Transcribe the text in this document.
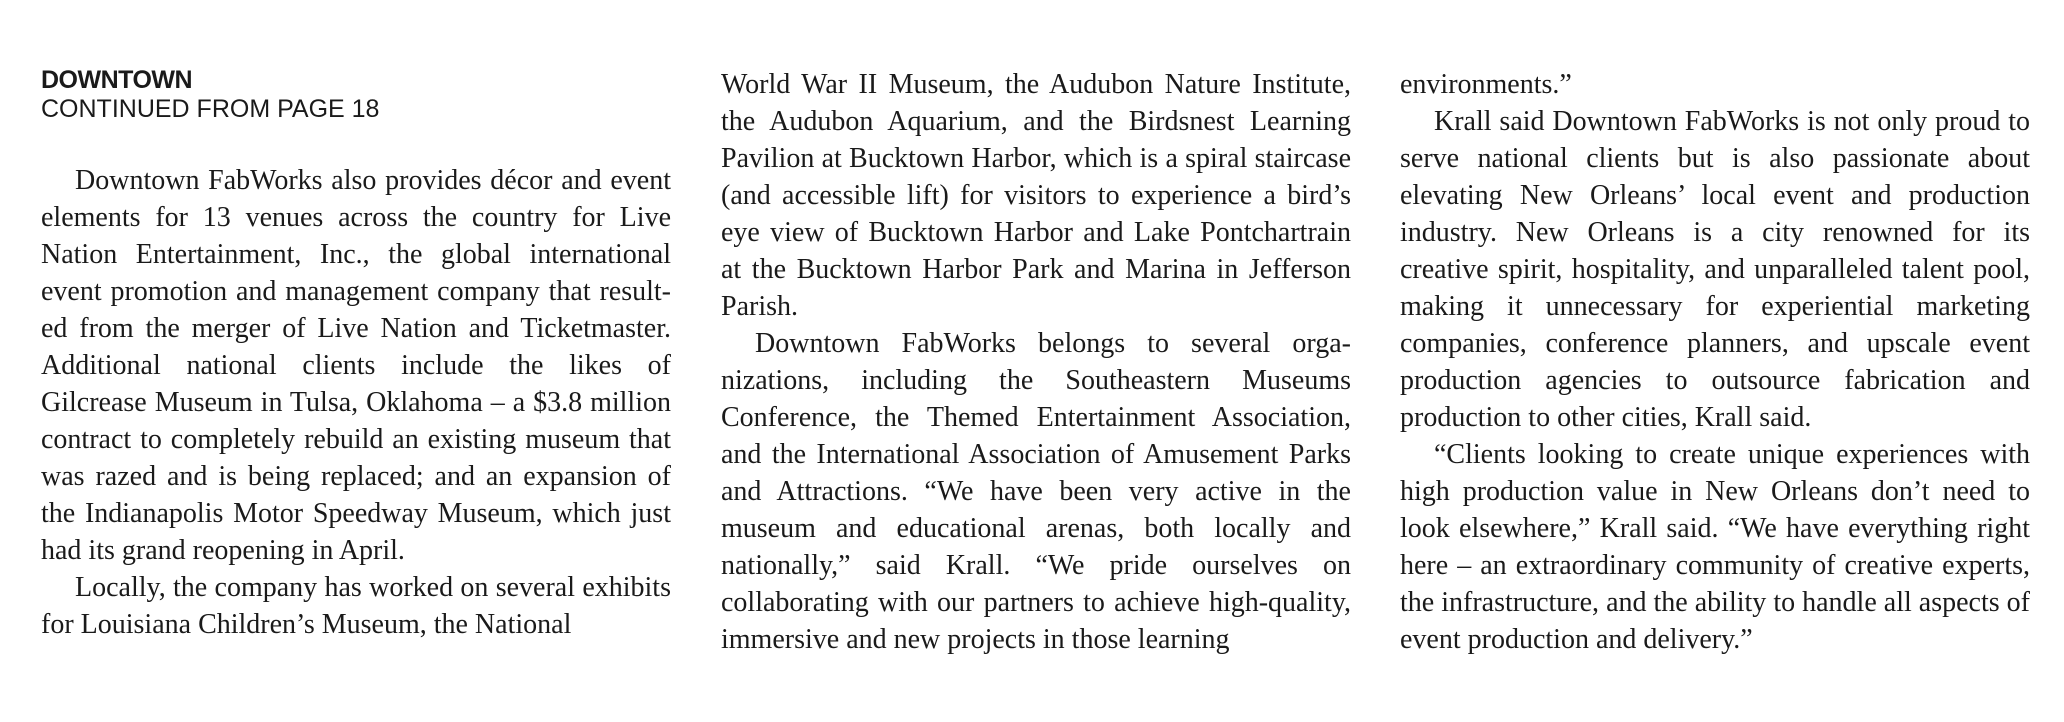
DOWNTOWN
CONTINUED FROM PAGE 18

Downtown FabWorks also provides décor and event elements for 13 venues across the country for Live Nation Entertainment, Inc., the global international event promotion and management company that resulted from the merger of Live Nation and Ticketmaster. Additional national clients include the likes of Gilcrease Museum in Tulsa, Oklahoma – a $3.8 million contract to completely rebuild an existing museum that was razed and is being replaced; and an expansion of the Indianapolis Motor Speedway Museum, which just had its grand reopening in April.

Locally, the company has worked on several exhibits for Louisiana Children’s Museum, the National

World War II Museum, the Audubon Nature Institute, the Audubon Aquarium, and the Birdsnest Learning Pavilion at Bucktown Harbor, which is a spiral staircase (and accessible lift) for visitors to experience a bird’s eye view of Bucktown Harbor and Lake Pontchartrain at the Bucktown Harbor Park and Marina in Jefferson Parish.

Downtown FabWorks belongs to several organizations, including the Southeastern Museums Conference, the Themed Entertainment Association, and the International Association of Amusement Parks and Attractions. “We have been very active in the museum and educational arenas, both locally and nationally,” said Krall. “We pride ourselves on collaborating with our partners to achieve high-quality, immersive and new projects in those learning

environments.”

Krall said Downtown FabWorks is not only proud to serve national clients but is also passionate about elevating New Orleans’ local event and production industry. New Orleans is a city renowned for its creative spirit, hospitality, and unparalleled talent pool, making it unnecessary for experiential marketing companies, conference planners, and upscale event production agencies to outsource fabrication and production to other cities, Krall said.

“Clients looking to create unique experiences with high production value in New Orleans don’t need to look elsewhere,” Krall said. “We have everything right here – an extraordinary community of creative experts, the infrastructure, and the ability to handle all aspects of event production and delivery.”
